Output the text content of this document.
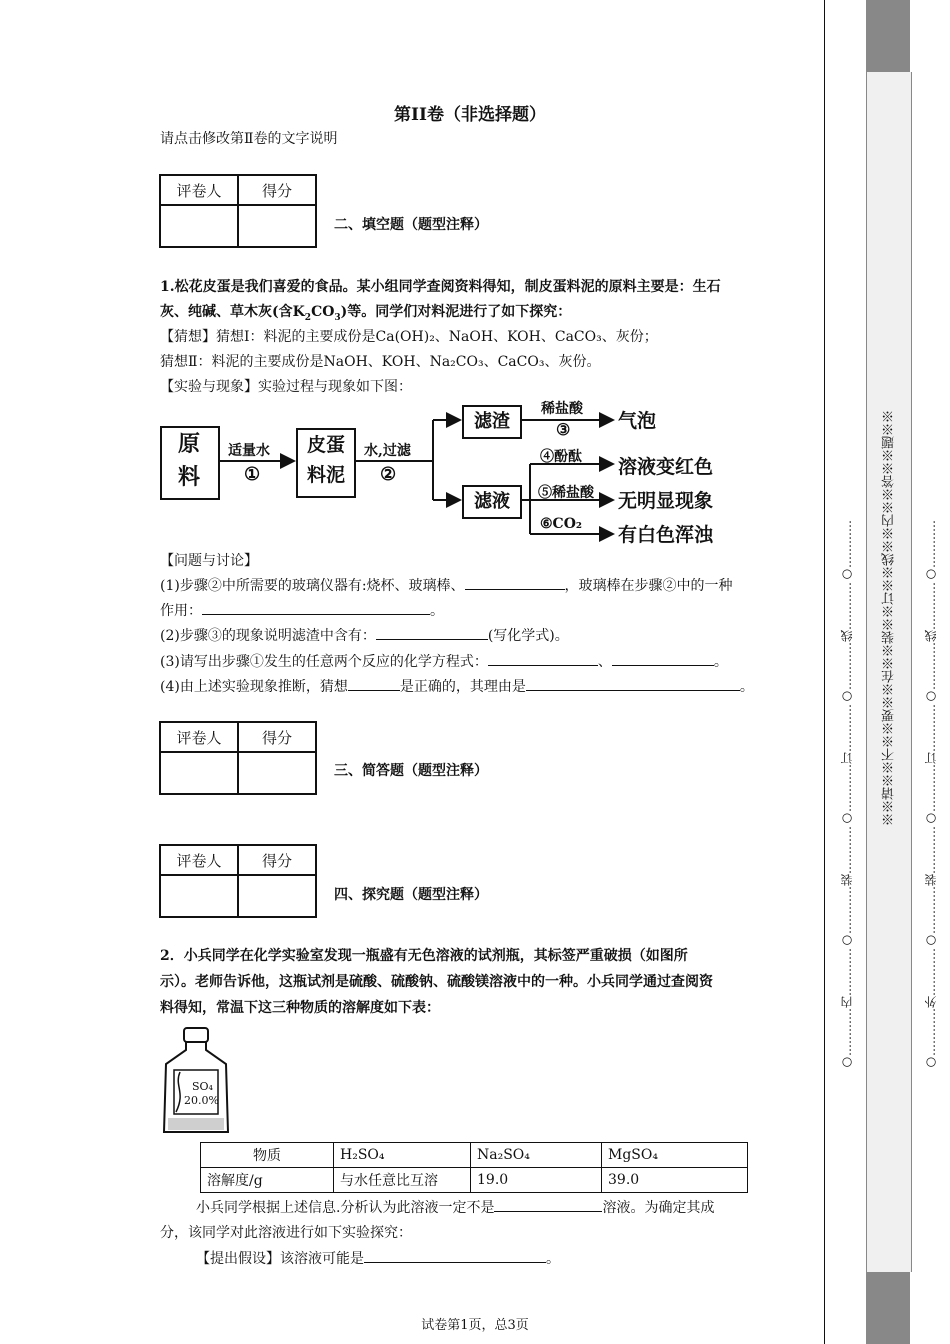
第II卷（非选择题）
请点击修改第Ⅱ卷的文字说明
评卷人	得分

二、填空题（题型注释）
1.松花皮蛋是我们喜爱的食品。某小组同学查阅资料得知，制皮蛋料泥的原料主要是：生石
灰、纯碱、草木灰(含$K_2CO_3$)等。同学们对料泥进行了如下探究：
【猜想】猜想Ⅰ：料泥的主要成份是Ca(OH)₂、NaOH、KOH、CaCO₃、灰份；
猜想Ⅱ：料泥的主要成份是NaOH、KOH、Na₂CO₃、CaCO₃、灰份。
【实验与现象】实验过程与现象如下图：
原料
适量水
①
皮蛋料泥
水,过滤
②
滤渣
稀盐酸
③	气泡
滤液
④酚酞 溶液变红色
⑤稀盐酸 无明显现象
⑥CO₂ 有白色浑浊
【问题与讨论】
(1)步骤②中所需要的玻璃仪器有:烧杯、玻璃棒、	，玻璃棒在步骤②中的一种
作用：	。
(2)步骤③的现象说明滤渣中含有：	(写化学式)。
(3)请写出步骤①发生的任意两个反应的化学方程式：	、	。
(4)由上述实验现象推断，猜想	是正确的，其理由是	。
评卷人	得分

三、简答题（题型注释）
评卷人	得分

四、探究题（题型注释）
2．小兵同学在化学实验室发现一瓶盛有无色溶液的试剂瓶，其标签严重破损（如图所
示）。老师告诉他，这瓶试剂是硫酸、硫酸钠、硫酸镁溶液中的一种。小兵同学通过查阅资
料得知，常温下这三种物质的溶解度如下表：
SO₄
20.0%
物质	H₂SO₄	Na₂SO₄	MgSO₄
溶解度/g	与水任意比互溶	19.0	39.0
小兵同学根据上述信息.分析认为此溶液一定不是	溶液。为确定其成
分，该同学对此溶液进行如下实验探究：
【提出假设】该溶液可能是	。
试卷第1页，总3页
○…………内…………○…………装…………○…………订…………○…………线…………○…………	○…………外…………○…………装…………○…………订…………○…………线…………○…………
※※请※※不※※要※※在※※装※※订※※线※※内※※答※※题※※
